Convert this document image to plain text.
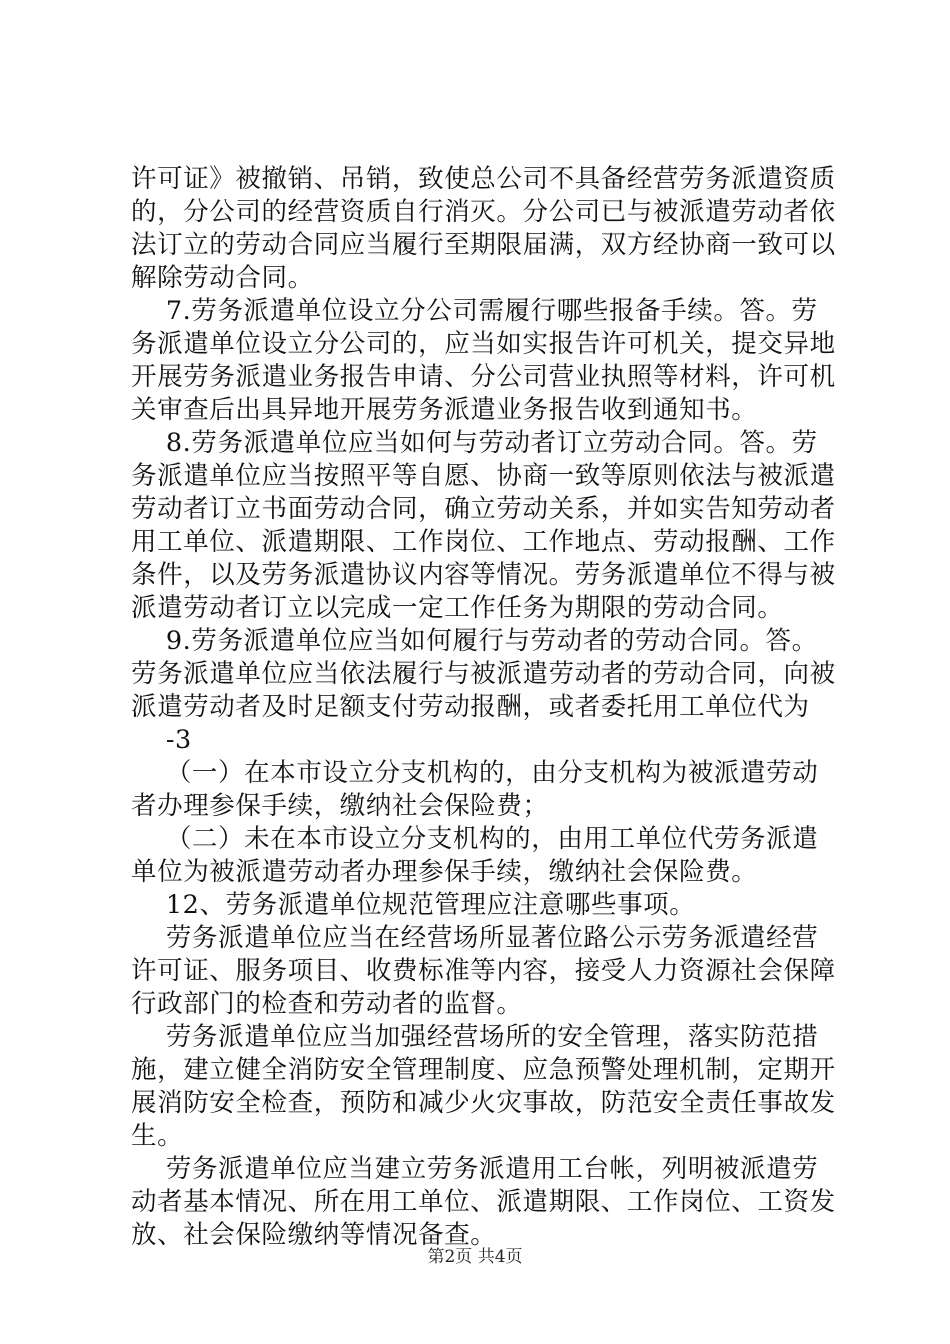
许可证》被撤销、吊销，致使总公司不具备经营劳务派遣资质
的，分公司的经营资质自行消灭。分公司已与被派遣劳动者依
法订立的劳动合同应当履行至期限届满，双方经协商一致可以
解除劳动合同。
7.劳务派遣单位设立分公司需履行哪些报备手续。答。劳
务派遣单位设立分公司的，应当如实报告许可机关，提交异地
开展劳务派遣业务报告申请、分公司营业执照等材料，许可机
关审查后出具异地开展劳务派遣业务报告收到通知书。
8.劳务派遣单位应当如何与劳动者订立劳动合同。答。劳
务派遣单位应当按照平等自愿、协商一致等原则依法与被派遣
劳动者订立书面劳动合同，确立劳动关系，并如实告知劳动者
用工单位、派遣期限、工作岗位、工作地点、劳动报酬、工作
条件，以及劳务派遣协议内容等情况。劳务派遣单位不得与被
派遣劳动者订立以完成一定工作任务为期限的劳动合同。
9.劳务派遣单位应当如何履行与劳动者的劳动合同。答。
劳务派遣单位应当依法履行与被派遣劳动者的劳动合同，向被
派遣劳动者及时足额支付劳动报酬，或者委托用工单位代为
-3
（一）在本市设立分支机构的，由分支机构为被派遣劳动
者办理参保手续，缴纳社会保险费；
（二）未在本市设立分支机构的，由用工单位代劳务派遣
单位为被派遣劳动者办理参保手续，缴纳社会保险费。
12、劳务派遣单位规范管理应注意哪些事项。
劳务派遣单位应当在经营场所显著位路公示劳务派遣经营
许可证、服务项目、收费标准等内容，接受人力资源社会保障
行政部门的检查和劳动者的监督。
劳务派遣单位应当加强经营场所的安全管理，落实防范措
施，建立健全消防安全管理制度、应急预警处理机制，定期开
展消防安全检查，预防和减少火灾事故，防范安全责任事故发
生。
劳务派遣单位应当建立劳务派遣用工台帐，列明被派遣劳
动者基本情况、所在用工单位、派遣期限、工作岗位、工资发
放、社会保险缴纳等情况备查。
第2页 共4页
